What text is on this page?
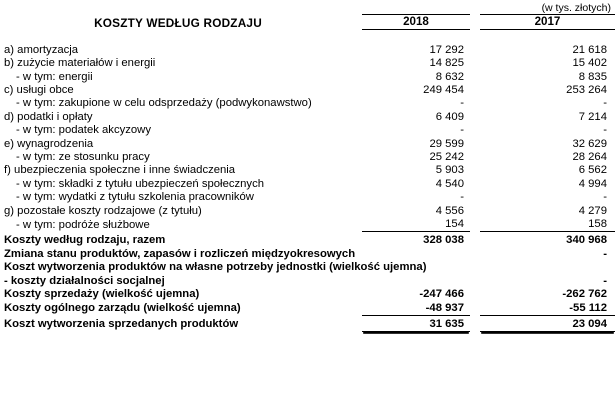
(w tys. złotych)
KOSZTY WEDŁUG RODZAJU		2018		2017

a) amortyzacja		17 292		21 618
b) zużycie materiałów i energii		14 825		15 402
- w tym: energii		8 632		8 835
c) usługi obce		249 454		253 264
- w tym: zakupione w celu odsprzedaży (podwykonawstwo)		-		-
d) podatki i opłaty		6 409		7 214
- w tym: podatek akcyzowy		-		-
e) wynagrodzenia		29 599		32 629
- w tym: ze stosunku pracy		25 242		28 264
f) ubezpieczenia społeczne i inne świadczenia		5 903		6 562
- w tym: składki z tytułu ubezpieczeń społecznych		4 540		4 994
- w tym: wydatki z tytułu szkolenia pracowników		-		-
g) pozostałe koszty rodzajowe (z tytułu)		4 556		4 279
- w tym: podróże służbowe		154		158
Koszty według rodzaju, razem		328 038		340 968
Zmiana stanu produktów, zapasów i rozliczeń międzyokresowych				-
Koszt wytworzenia produktów na własne potrzeby jednostki (wielkość ujemna)				
- koszty działalności socjalnej				-
Koszty sprzedaży (wielkość ujemna)		-247 466		-262 762
Koszty ogólnego zarządu (wielkość ujemna)		-48 937		-55 112
Koszt wytworzenia sprzedanych produktów		31 635		23 094
